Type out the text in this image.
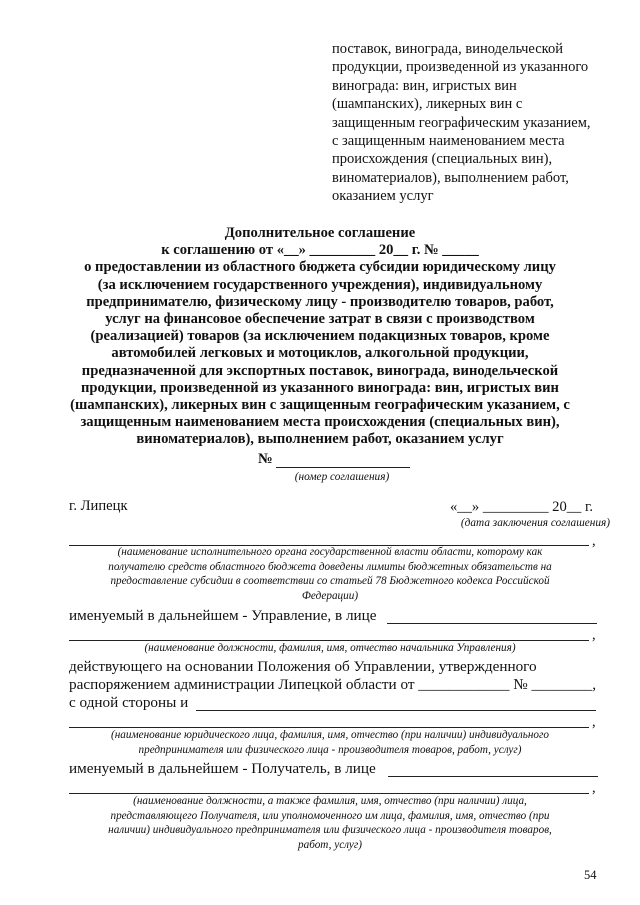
поставок, винограда, винодельческой
продукции, произведенной из указанного
винограда: вин, игристых вин
(шампанских), ликерных вин с
защищенным географическим указанием,
с защищенным наименованием места
происхождения (специальных вин),
виноматериалов), выполнением работ,
оказанием услуг
Дополнительное соглашение
к соглашению от «__» _________ 20__ г. № _____
о предоставлении из областного бюджета субсидии юридическому лицу
(за исключением государственного учреждения), индивидуальному
предпринимателю, физическому лицу - производителю товаров, работ,
услуг на финансовое обеспечение затрат в связи с производством
(реализацией) товаров (за исключением подакцизных товаров, кроме
автомобилей легковых и мотоциклов, алкогольной продукции,
предназначенной для экспортных поставок, винограда, винодельческой
продукции, произведенной из указанного винограда: вин, игристых вин
(шампанских), ликерных вин с защищенным географическим указанием, с
защищенным наименованием места происхождения (специальных вин),
виноматериалов), выполнением работ, оказанием услуг
№
(номер соглашения)
г. Липецк	«__» _________ 20__ г.
(дата заключения соглашения)
,
(наименование исполнительного органа государственной власти области, которому как
получателю средств областного бюджета доведены лимиты бюджетных обязательств на
предоставление субсидии в соответствии со статьей 78 Бюджетного кодекса Российской
Федерации)
именуемый в дальнейшем - Управление, в лице
,
(наименование должности, фамилия, имя, отчество начальника Управления)
действующего на основании Положения об Управлении, утвержденного
распоряжением администрации Липецкой области от ____________ № ________,
с одной стороны и
,
(наименование юридического лица, фамилия, имя, отчество (при наличии) индивидуального
предпринимателя или физического лица - производителя товаров, работ, услуг)
именуемый в дальнейшем - Получатель, в лице
,
(наименование должности, а также фамилия, имя, отчество (при наличии) лица,
представляющего Получателя, или уполномоченного им лица, фамилия, имя, отчество (при
наличии) индивидуального предпринимателя или физического лица - производителя товаров,
работ, услуг)
54
